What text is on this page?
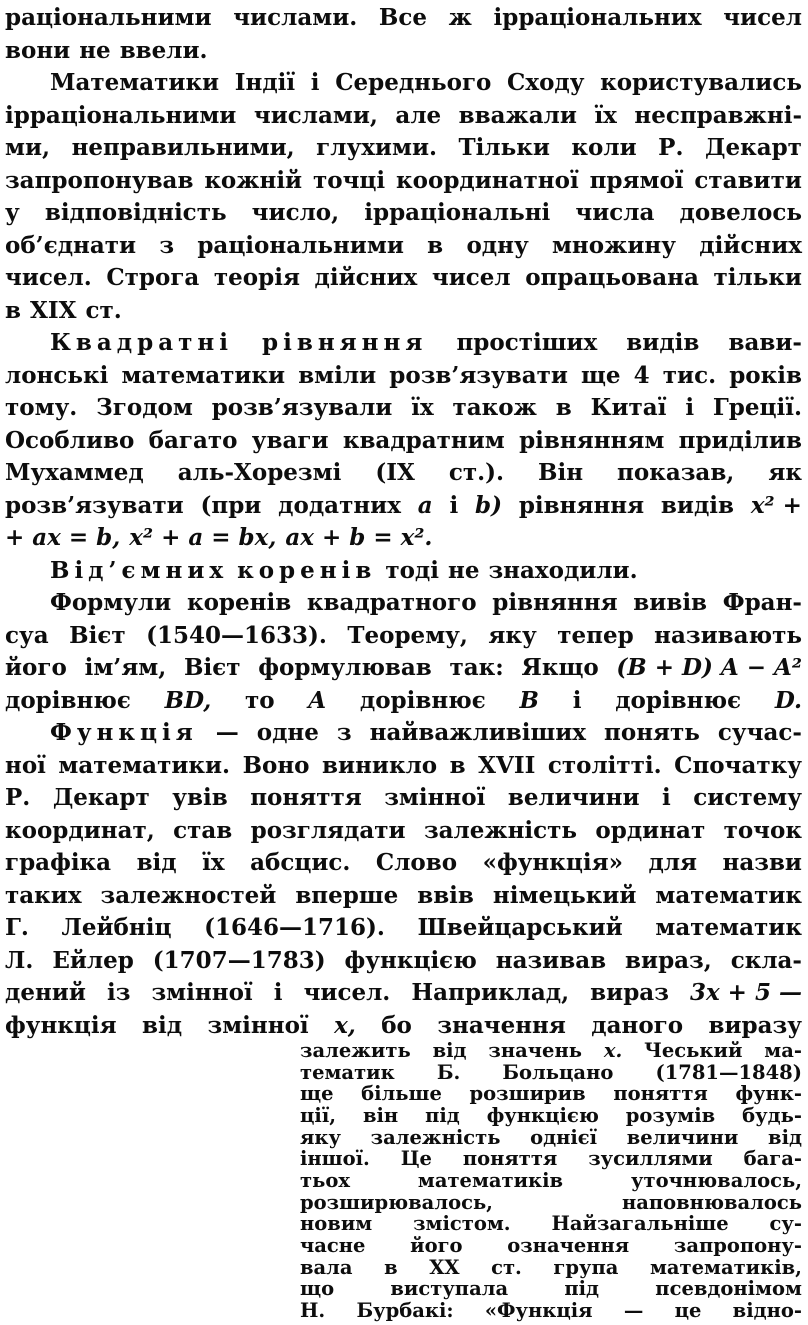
раціональними числами. Все ж ірраціональних чисел
вони не ввели.
Математики Індії і Середнього Сходу користувались
ірраціональними числами, але вважали їх несправжні-
ми, неправильними, глухими. Тільки коли Р. Декарт
запропонував кожній точці координатної прямої ставити
у відповідність число, ірраціональні числа довелось
об’єднати з раціональними в одну множину дійсних
чисел. Строга теорія дійсних чисел опрацьована тільки
в XIX ст.
Квадратні рівняння простіших видів вави-
лонські математики вміли розв’язувати ще 4 тис. років
тому. Згодом розв’язували їх також в Китаї і Греції.
Особливо багато уваги квадратним рівнянням приділив
Мухаммед аль-Хорезмі (IX ст.). Він показав, як
розв’язувати (при додатних a і b) рівняння видів x² +
+ ax = b, x² + a = bx, ax + b = x².
Від’ємних коренів тоді не знаходили.
Формули коренів квадратного рівняння вивів Фран-
суа Вієт (1540—1633). Теорему, яку тепер називають
його ім’ям, Вієт формулював так: Якщо (B + D) A − A²
дорівнює BD, то A дорівнює B і дорівнює D.
Функція — одне з найважливіших понять сучас-
ної математики. Воно виникло в XVII столітті. Спочатку
Р. Декарт увів поняття змінної величини і систему
координат, став розглядати залежність ординат точок
графіка від їх абсцис. Слово «функція» для назви
таких залежностей вперше ввів німецький математик
Г. Лейбніц (1646—1716). Швейцарський математик
Л. Ейлер (1707—1783) функцією називав вираз, скла-
дений із змінної і чисел. Наприклад, вираз 3x + 5 —
функція від змінної x, бо значення даного виразу
залежить від значень x. Чеський ма-
тематик Б. Больцано (1781—1848)
ще більше розширив поняття функ-
ції, він під функцією розумів будь-
яку залежність однієї величини від
іншої. Це поняття зусиллями бага-
тьох	математиків	уточнювалось,
розширювалось,	наповнювалось
новим змістом. Найзагальніше су-
часне його означення запропону-
вала в XX ст. група математиків,
що	виступала	під	псевдонімом
Н. Бурбакі: «Функція — це відно-
